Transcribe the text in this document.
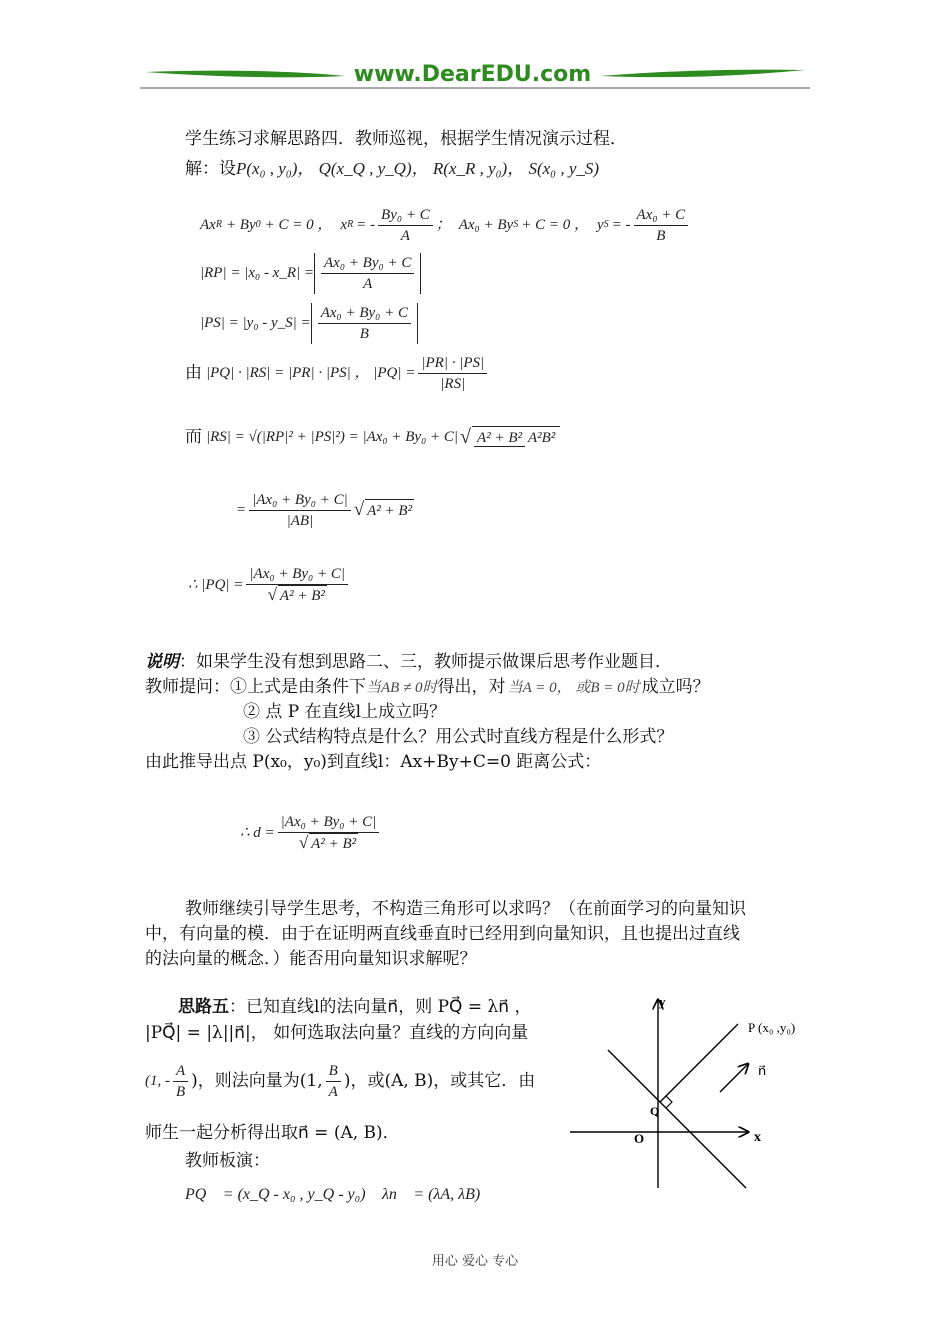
www.DearEDU.com
学生练习求解思路四．教师巡视，根据学生情况演示过程．
解：设P(x₀ , y₀)， Q(x_Q , y_Q)， R(x_R , y₀)， S(x₀ , y_S)
Ax R + By 0 + C = 0 ， x R = - $\frac{\text{By₀ + C}}{A}$ ； Ax₀ + By S + C = 0 ， y S = - $\frac{\text{Ax₀ + C}}{B}$
|RP| = |x₀ - x_R| = $\frac{\text{Ax₀ + By₀ + C}}{A}$
|PS| = |y₀ - y_S| = $\frac{\text{Ax₀ + By₀ + C}}{B}$
由 |PQ| · |RS| = |PR| · |PS| ， $|PQ| = \frac{|PR| \cdot |PS|}{|RS|}$
而 |RS| = √(|RP|² + |PS|²) = |Ax₀ + By₀ + C| √ A² + B² A²B²
= $\frac{\text{|Ax₀ + By₀ + C|}}{|AB|}$ √ A² + B²
∴ $|PQ| = \frac{\text{|Ax₀ + By₀ + C|}}{\text{√ A² + B²}}$
说明：如果学生没有想到思路二、三，教师提示做课后思考作业题目．
教师提问：①上式是由条件下当AB ≠ 0时得出，对 当A = 0， 或B = 0时 成立吗？
② 点 P 在直线l上成立吗？
③ 公式结构特点是什么？用公式时直线方程是什么形式？
由此推导出点 P(x₀，y₀)到直线l：Ax+By+C=0 距离公式：
∴ $d = \frac{\text{|Ax₀ + By₀ + C|}}{\text{√ A² + B²}}$
教师继续引导学生思考，不构造三角形可以求吗？（在前面学习的向量知识
中，有向量的模．由于在证明两直线垂直时已经用到向量知识，且也提出过直线
的法向量的概念．）能否用向量知识求解呢？
思路五：已知直线l的法向量n⃗，则 PQ⃗ = λn⃗ ，
|PQ⃗| = |λ||n⃗|， 如何选取法向量？直线的方向向量
(1, - $\frac{A}{B}$ )，则法向量为(1, $\frac{B}{A}$ )，或(A, B)，或其它．由
师生一起分析得出取n⃗ = (A, B)．
教师板演：
PQ⃗ = (x_Q - x₀ , y_Q - y₀)， λn⃗ = (λA, λB)
y
x
O
Q
P (x₀ ,y₀)
n⃗
用心 爱心 专心
